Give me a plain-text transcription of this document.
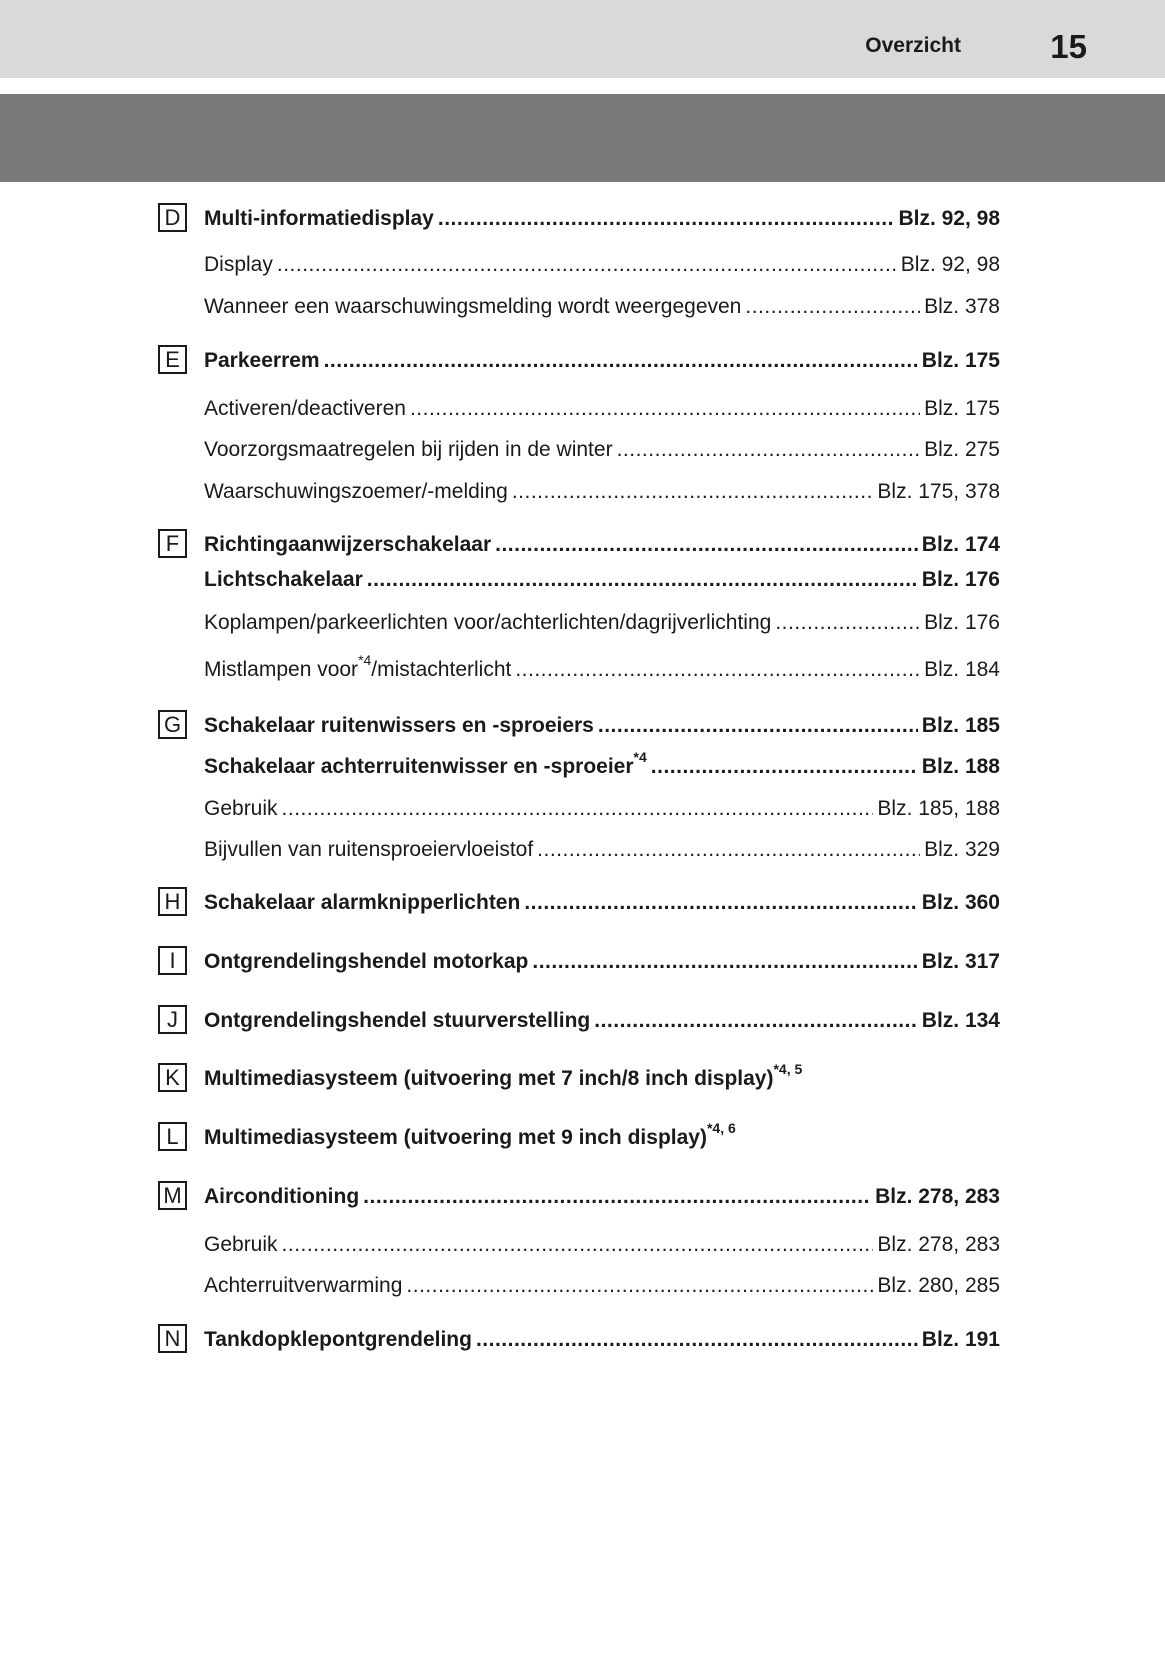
Overzicht	15
D	Multi-informatiedisplay .....	Blz. 92, 98
Display .....	Blz. 92, 98
Wanneer een waarschuwingsmelding wordt weergegeven .....	Blz. 378
E	Parkeerrem .....	Blz. 175
Activeren/deactiveren .....	Blz. 175
Voorzorgsmaatregelen bij rijden in de winter .....	Blz. 275
Waarschuwingszoemer/-melding .....	Blz. 175, 378
F	Richtingaanwijzerschakelaar .....	Blz. 174
Lichtschakelaar .....	Blz. 176
Koplampen/parkeerlichten voor/achterlichten/dagrijverlichting .....	Blz. 176
Mistlampen voor$^{*4}$/mistachterlicht .....	Blz. 184
G Schakelaar ruitenwissers en -sproeiers .....	Blz. 185
Schakelaar achterruitenwisser en -sproeier$^{*4}$ .....	Blz. 188
Gebruik .....	Blz. 185, 188
Bijvullen van ruitensproeiervloeistof .....	Blz. 329
H	Schakelaar alarmknipperlichten .....	Blz. 360
I	Ontgrendelingshendel motorkap .....	Blz. 317
J	Ontgrendelingshendel stuurverstelling .....	Blz. 134
K	Multimediasysteem (uitvoering met 7 inch/8 inch display)$^{*4, 5}$
L	Multimediasysteem (uitvoering met 9 inch display)$^{*4, 6}$
M Airconditioning .....	Blz. 278, 283
Gebruik .....	Blz. 278, 283
Achterruitverwarming .....	Blz. 280, 285
N	Tankdopklepontgrendeling .....	Blz. 191
